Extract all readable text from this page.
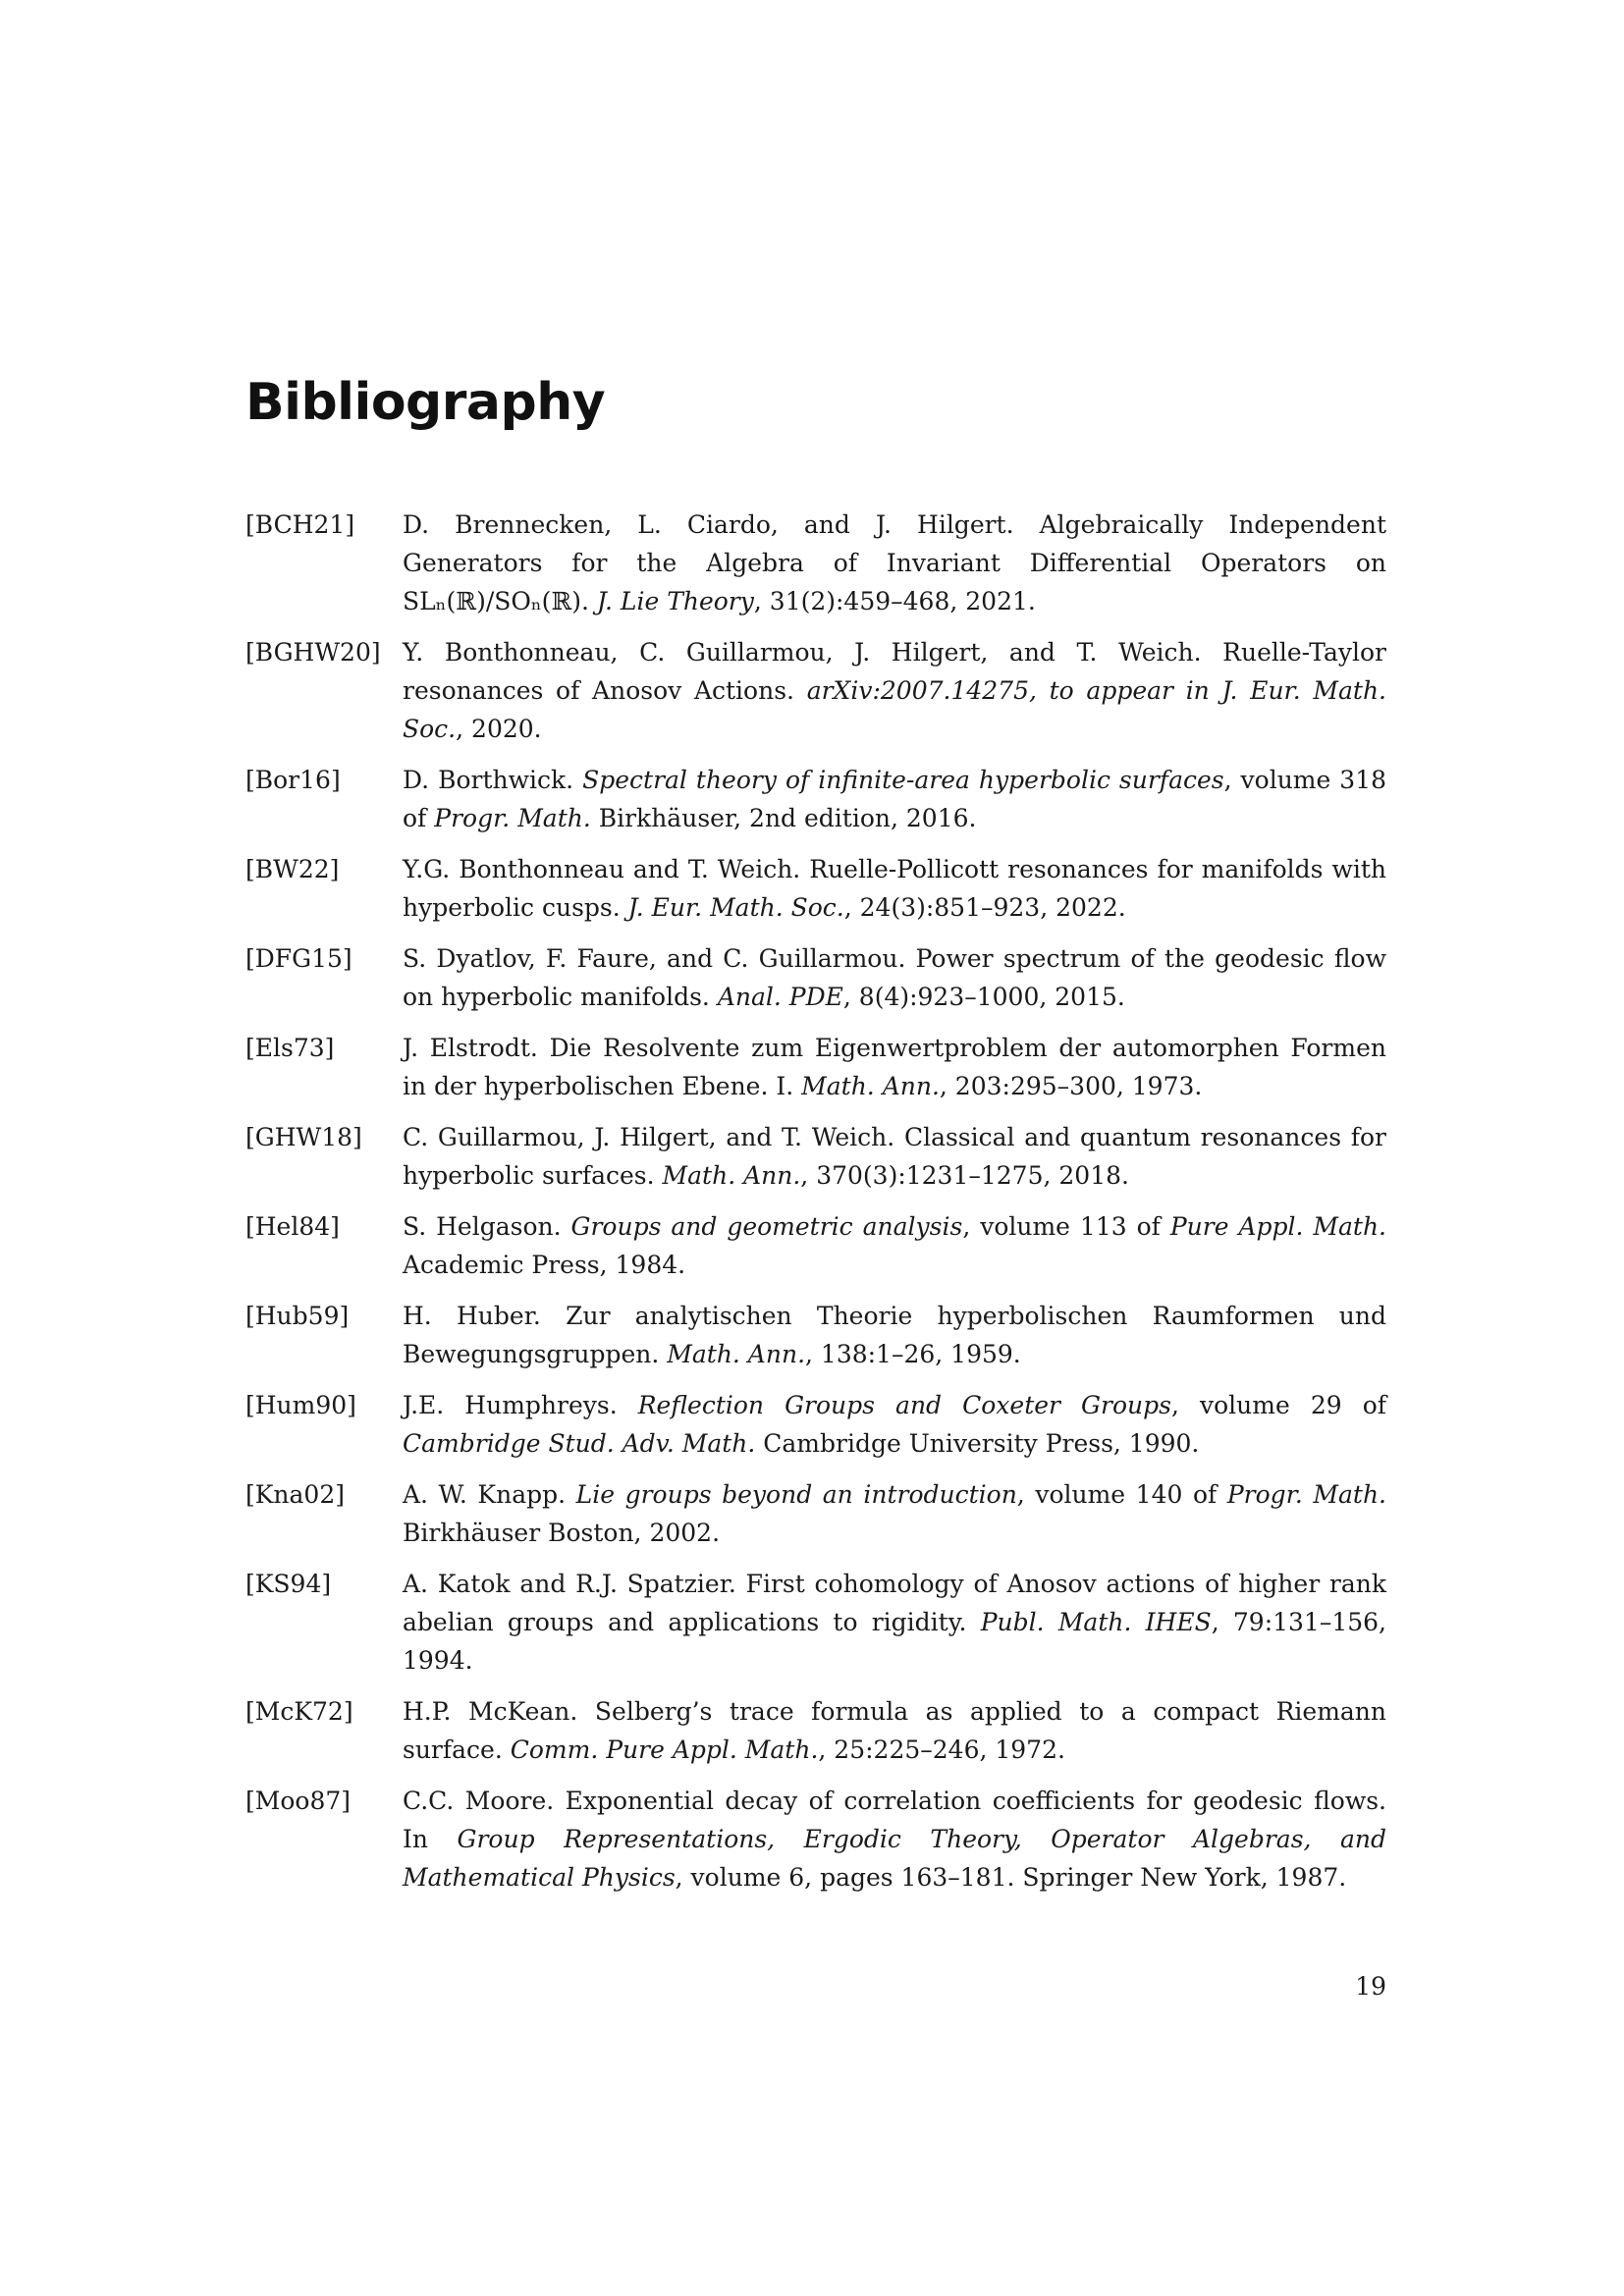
Bibliography
[BCH21]	D. Brennecken, L. Ciardo, and J. Hilgert. Algebraically Independent Generators for the Algebra of Invariant Differential Operators on SLₙ(ℝ)/SOₙ(ℝ). J. Lie Theory, 31(2):459–468, 2021.
[BGHW20] Y. Bonthonneau, C. Guillarmou, J. Hilgert, and T. Weich. Ruelle-Taylor resonances of Anosov Actions. arXiv:2007.14275, to appear in J. Eur. Math. Soc., 2020.
[Bor16]	D. Borthwick. Spectral theory of infinite-area hyperbolic surfaces, volume 318 of Progr. Math. Birkhäuser, 2nd edition, 2016.
[BW22]	Y.G. Bonthonneau and T. Weich. Ruelle-Pollicott resonances for manifolds with hyperbolic cusps. J. Eur. Math. Soc., 24(3):851–923, 2022.
[DFG15]	S. Dyatlov, F. Faure, and C. Guillarmou. Power spectrum of the geodesic flow on hyperbolic manifolds. Anal. PDE, 8(4):923–1000, 2015.
[Els73]	J. Elstrodt. Die Resolvente zum Eigenwertproblem der automorphen Formen in der hyperbolischen Ebene. I. Math. Ann., 203:295–300, 1973.
[GHW18]	C. Guillarmou, J. Hilgert, and T. Weich. Classical and quantum resonances for hyperbolic surfaces. Math. Ann., 370(3):1231–1275, 2018.
[Hel84]	S. Helgason. Groups and geometric analysis, volume 113 of Pure Appl. Math. Academic Press, 1984.
[Hub59]	H. Huber. Zur analytischen Theorie hyperbolischen Raumformen und Bewegungsgruppen. Math. Ann., 138:1–26, 1959.
[Hum90]	J.E. Humphreys. Reflection Groups and Coxeter Groups, volume 29 of Cambridge Stud. Adv. Math. Cambridge University Press, 1990.
[Kna02]	A. W. Knapp. Lie groups beyond an introduction, volume 140 of Progr. Math. Birkhäuser Boston, 2002.
[KS94]	A. Katok and R.J. Spatzier. First cohomology of Anosov actions of higher rank abelian groups and applications to rigidity. Publ. Math. IHES, 79:131–156, 1994.
[McK72]	H.P. McKean. Selberg’s trace formula as applied to a compact Riemann surface. Comm. Pure Appl. Math., 25:225–246, 1972.
[Moo87]	C.C. Moore. Exponential decay of correlation coefficients for geodesic flows. In Group Representations, Ergodic Theory, Operator Algebras, and Mathematical Physics, volume 6, pages 163–181. Springer New York, 1987.
19
